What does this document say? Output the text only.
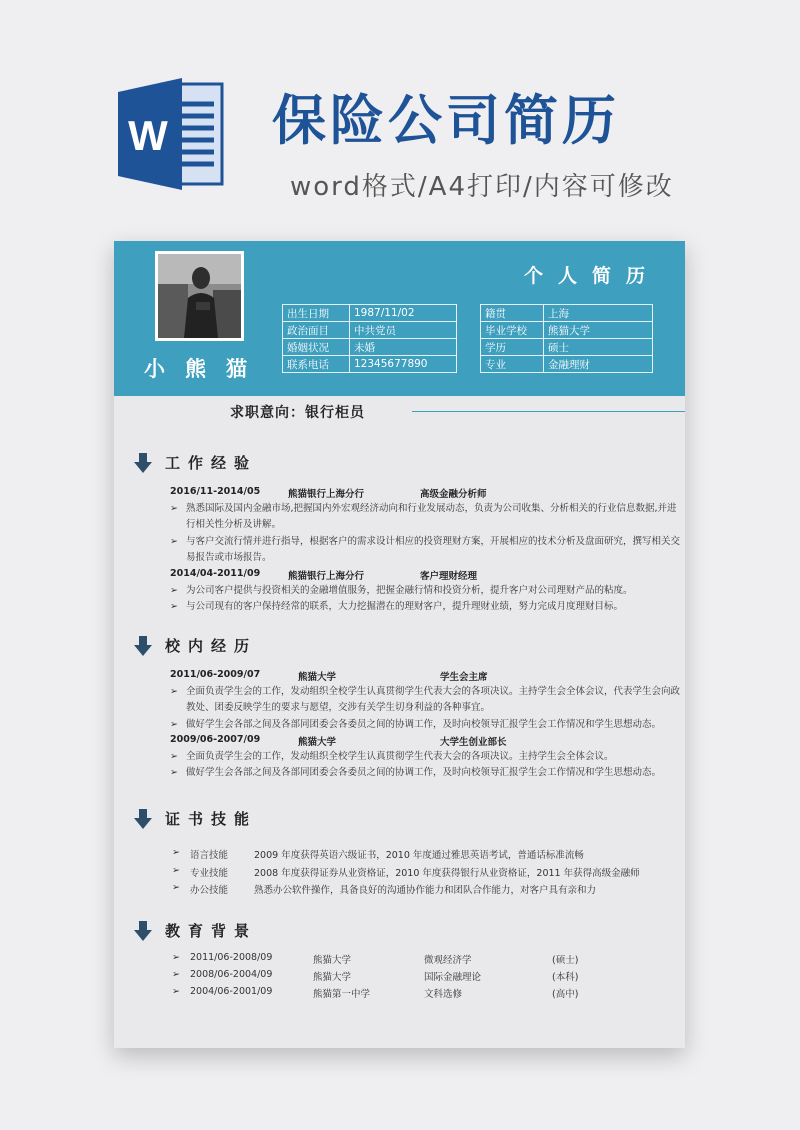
W 保险公司简历
word格式/A4打印/内容可修改
小熊猫
个人简历
出生日期	1987/11/02
政治面目	中共党员
婚姻状况	未婚
联系电话	12345677890
籍贯	上海
毕业学校	熊猫大学
学历	硕士
专业	金融理财
求职意向：银行柜员
工作经验
2016/11-2014/05	熊猫银行上海分行	高级金融分析师
➢ 熟悉国际及国内金融市场,把握国内外宏观经济动向和行业发展动态，负责为公司收集、分析相关的行业信息数据,并进行相关性分析及讲解。
➢ 与客户交流行情并进行指导，根据客户的需求设计相应的投资理财方案，开展相应的技术分析及盘面研究，撰写相关交易报告或市场报告。
2014/04-2011/09	熊猫银行上海分行	客户理财经理
➢ 为公司客户提供与投资相关的金融增值服务，把握金融行情和投资分析，提升客户对公司理财产品的粘度。
➢ 与公司现有的客户保持经常的联系，大力挖掘潜在的理财客户，提升理财业绩，努力完成月度理财目标。
校内经历
2011/06-2009/07	熊猫大学	学生会主席
➢ 全面负责学生会的工作，发动组织全校学生认真贯彻学生代表大会的各项决议。主持学生会全体会议，代表学生会向政教处、团委反映学生的要求与愿望，交涉有关学生切身利益的各种事宜。
➢ 做好学生会各部之间及各部同团委会各委员之间的协调工作，及时向校领导汇报学生会工作情况和学生思想动态。
2009/06-2007/09	熊猫大学	大学生创业部长
➢ 全面负责学生会的工作，发动组织全校学生认真贯彻学生代表大会的各项决议。主持学生会全体会议。
➢ 做好学生会各部之间及各部同团委会各委员之间的协调工作，及时向校领导汇报学生会工作情况和学生思想动态。
证书技能
➢ 语言技能	2009 年度获得英语六级证书，2010 年度通过雅思英语考试，普通话标准流畅
➢ 专业技能	2008 年度获得证券从业资格证，2010 年度获得银行从业资格证，2011 年获得高级金融师
➢ 办公技能	熟悉办公软件操作，具备良好的沟通协作能力和团队合作能力，对客户具有亲和力
教育背景
➢ 2011/06-2008/09	熊猫大学	微观经济学	(硕士)
➢ 2008/06-2004/09	熊猫大学	国际金融理论	(本科)
➢ 2004/06-2001/09	熊猫第一中学	文科选修	(高中)
